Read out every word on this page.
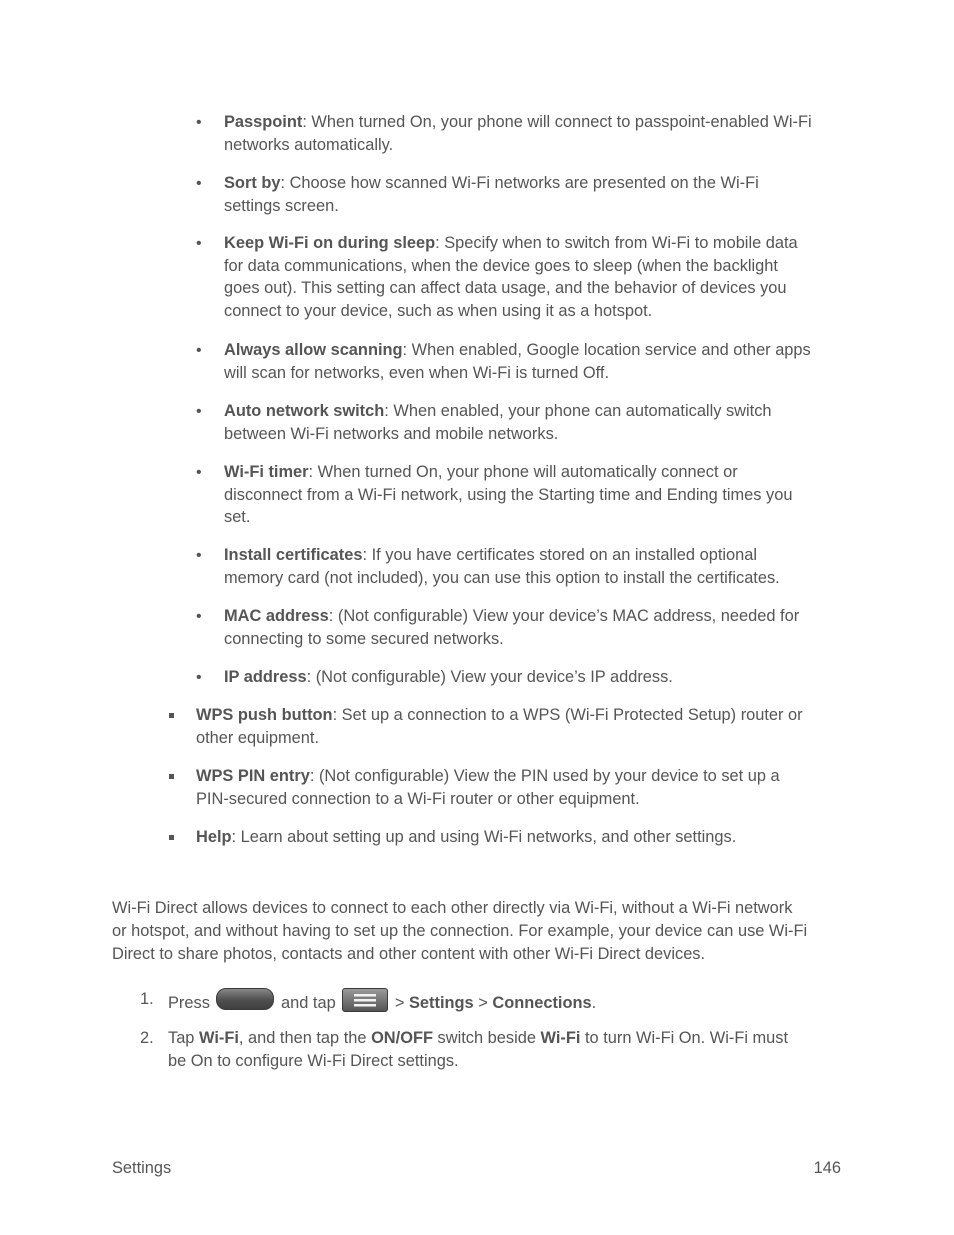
• Passpoint: When turned On, your phone will connect to passpoint-enabled Wi-Fi
networks automatically.
• Sort by: Choose how scanned Wi-Fi networks are presented on the Wi-Fi
settings screen.
• Keep Wi-Fi on during sleep: Specify when to switch from Wi-Fi to mobile data
for data communications, when the device goes to sleep (when the backlight
goes out). This setting can affect data usage, and the behavior of devices you
connect to your device, such as when using it as a hotspot.
• Always allow scanning: When enabled, Google location service and other apps
will scan for networks, even when Wi-Fi is turned Off.
• Auto network switch: When enabled, your phone can automatically switch
between Wi-Fi networks and mobile networks.
• Wi-Fi timer: When turned On, your phone will automatically connect or
disconnect from a Wi-Fi network, using the Starting time and Ending times you
set.
• Install certificates: If you have certificates stored on an installed optional
memory card (not included), you can use this option to install the certificates.
• MAC address: (Not configurable) View your device’s MAC address, needed for
connecting to some secured networks.
• IP address: (Not configurable) View your device’s IP address.
WPS push button: Set up a connection to a WPS (Wi-Fi Protected Setup) router or
other equipment.
WPS PIN entry: (Not configurable) View the PIN used by your device to set up a
PIN-secured connection to a Wi-Fi router or other equipment.
Help: Learn about setting up and using Wi-Fi networks, and other settings.
Wi-Fi Direct allows devices to connect to each other directly via Wi-Fi, without a Wi-Fi network
or hotspot, and without having to set up the connection. For example, your device can use Wi-Fi
Direct to share photos, contacts and other content with other Wi-Fi Direct devices.
1. Press	and tap	> Settings > Connections.
2. Tap Wi-Fi, and then tap the ON/OFF switch beside Wi-Fi to turn Wi-Fi On. Wi-Fi must
be On to configure Wi-Fi Direct settings.
Settings	146
